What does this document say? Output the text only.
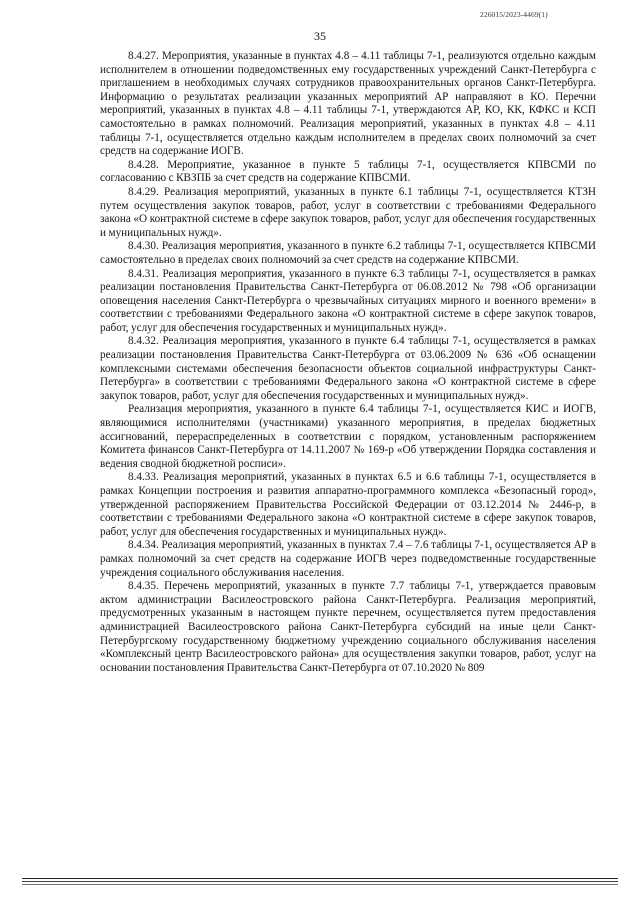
226015/2023-4469(1)
35

8.4.27. Мероприятия, указанные в пунктах 4.8 – 4.11 таблицы 7-1, реализуются отдельно каждым исполнителем в отношении подведомственных ему государственных учреждений Санкт-Петербурга с приглашением в необходимых случаях сотрудников правоохранительных органов Санкт-Петербурга. Информацию о результатах реализации указанных мероприятий АР направляют в КО. Перечни мероприятий, указанных в пунктах 4.8 – 4.11 таблицы 7-1, утверждаются АР, КО, КК, КФКС и КСП самостоятельно в рамках полномочий. Реализация мероприятий, указанных в пунктах 4.8 – 4.11 таблицы 7-1, осуществляется отдельно каждым исполнителем в пределах своих полномочий за счет средств на содержание ИОГВ.

8.4.28. Мероприятие, указанное в пункте 5 таблицы 7-1, осуществляется КПВСМИ по согласованию с КВЗПБ за счет средств на содержание КПВСМИ.

8.4.29. Реализация мероприятий, указанных в пункте 6.1 таблицы 7-1, осуществляется КТЗН путем осуществления закупок товаров, работ, услуг в соответствии с требованиями Федерального закона «О контрактной системе в сфере закупок товаров, работ, услуг для обеспечения государственных и муниципальных нужд».

8.4.30. Реализация мероприятия, указанного в пункте 6.2 таблицы 7-1, осуществляется КПВСМИ самостоятельно в пределах своих полномочий за счет средств на содержание КПВСМИ.

8.4.31. Реализация мероприятия, указанного в пункте 6.3 таблицы 7-1, осуществляется в рамках реализации постановления Правительства Санкт-Петербурга от 06.08.2012 № 798 «Об организации оповещения населения Санкт-Петербурга о чрезвычайных ситуациях мирного и военного времени» в соответствии с требованиями Федерального закона «О контрактной системе в сфере закупок товаров, работ, услуг для обеспечения государственных и муниципальных нужд».

8.4.32. Реализация мероприятия, указанного в пункте 6.4 таблицы 7-1, осуществляется в рамках реализации постановления Правительства Санкт-Петербурга от 03.06.2009 № 636 «Об оснащении комплексными системами обеспечения безопасности объектов социальной инфраструктуры Санкт-Петербурга» в соответствии с требованиями Федерального закона «О контрактной системе в сфере закупок товаров, работ, услуг для обеспечения государственных и муниципальных нужд».

Реализация мероприятия, указанного в пункте 6.4 таблицы 7-1, осуществляется КИС и ИОГВ, являющимися исполнителями (участниками) указанного мероприятия, в пределах бюджетных ассигнований, перераспределенных в соответствии с порядком, установленным распоряжением Комитета финансов Санкт-Петербурга от 14.11.2007 № 169-р «Об утверждении Порядка составления и ведения сводной бюджетной росписи».

8.4.33. Реализация мероприятий, указанных в пунктах 6.5 и 6.6 таблицы 7-1, осуществляется в рамках Концепции построения и развития аппаратно-программного комплекса «Безопасный город», утвержденной распоряжением Правительства Российской Федерации от 03.12.2014 № 2446-р, в соответствии с требованиями Федерального закона «О контрактной системе в сфере закупок товаров, работ, услуг для обеспечения государственных и муниципальных нужд».

8.4.34. Реализация мероприятий, указанных в пунктах 7.4 – 7.6 таблицы 7-1, осуществляется АР в рамках полномочий за счет средств на содержание ИОГВ через подведомственные государственные учреждения социального обслуживания населения.

8.4.35. Перечень мероприятий, указанных в пункте 7.7 таблицы 7-1, утверждается правовым актом администрации Василеостровского района Санкт-Петербурга. Реализация мероприятий, предусмотренных указанным в настоящем пункте перечнем, осуществляется путем предоставления администрацией Василеостровского района Санкт-Петербурга субсидий на иные цели Санкт-Петербургскому государственному бюджетному учреждению социального обслуживания населения «Комплексный центр Василеостровского района» для осуществления закупки товаров, работ, услуг на основании постановления Правительства Санкт-Петербурга от 07.10.2020 № 809
